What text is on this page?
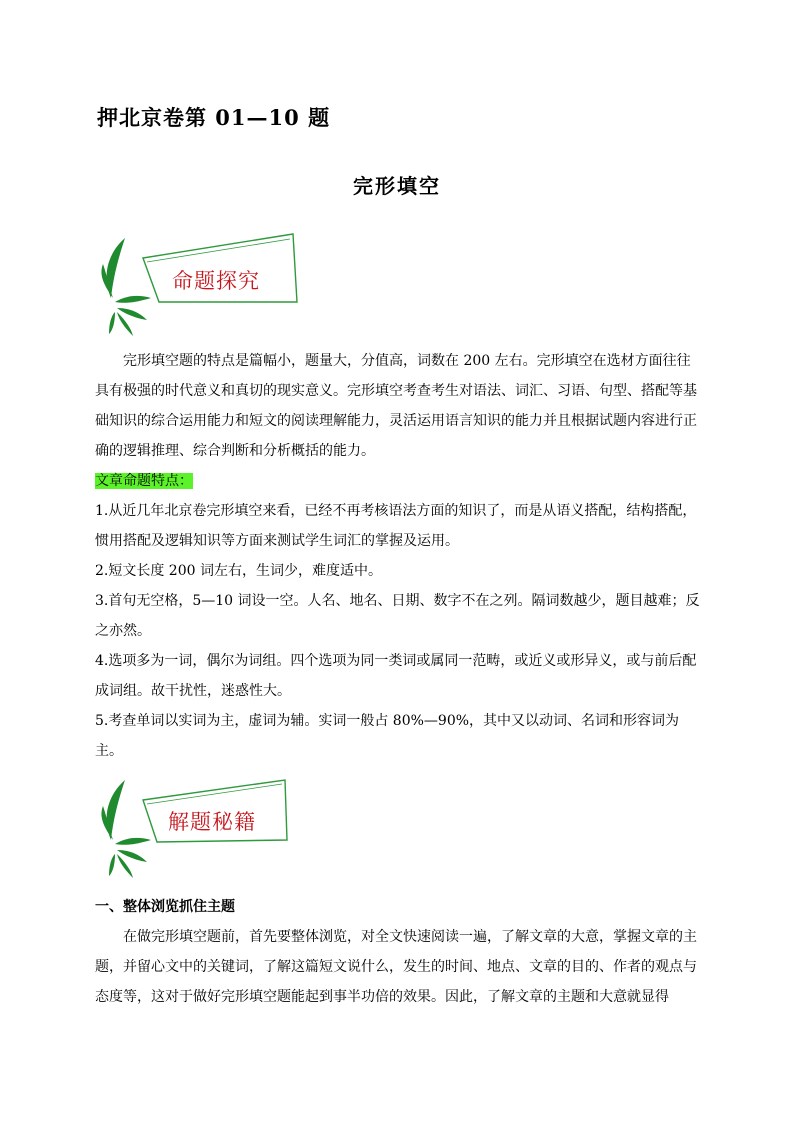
押北京卷第 01—10 题
完形填空
命题探究

完形填空题的特点是篇幅小，题量大，分值高，词数在 200 左右。完形填空在选材方面往往具有极强的时代意义和真切的现实意义。完形填空考查考生对语法、词汇、习语、句型、搭配等基础知识的综合运用能力和短文的阅读理解能力，灵活运用语言知识的能力并且根据试题内容进行正确的逻辑推理、综合判断和分析概括的能力。

文章命题特点：

1.从近几年北京卷完形填空来看，已经不再考核语法方面的知识了，而是从语义搭配，结构搭配，惯用搭配及逻辑知识等方面来测试学生词汇的掌握及运用。

2.短文长度 200 词左右，生词少，难度适中。

3.首句无空格，5—10 词设一空。人名、地名、日期、数字不在之列。隔词数越少，题目越难；反之亦然。

4.选项多为一词，偶尔为词组。四个选项为同一类词或属同一范畴，或近义或形异义，或与前后配成词组。故干扰性，迷惑性大。

5.考查单词以实词为主，虚词为辅。实词一般占 80%—90%，其中又以动词、名词和形容词为主。

解题秘籍

一、整体浏览抓住主题

在做完形填空题前，首先要整体浏览，对全文快速阅读一遍，了解文章的大意，掌握文章的主题，并留心文中的关键词，了解这篇短文说什么，发生的时间、地点、文章的目的、作者的观点与态度等，这对于做好完形填空题能起到事半功倍的效果。因此，了解文章的主题和大意就显得
